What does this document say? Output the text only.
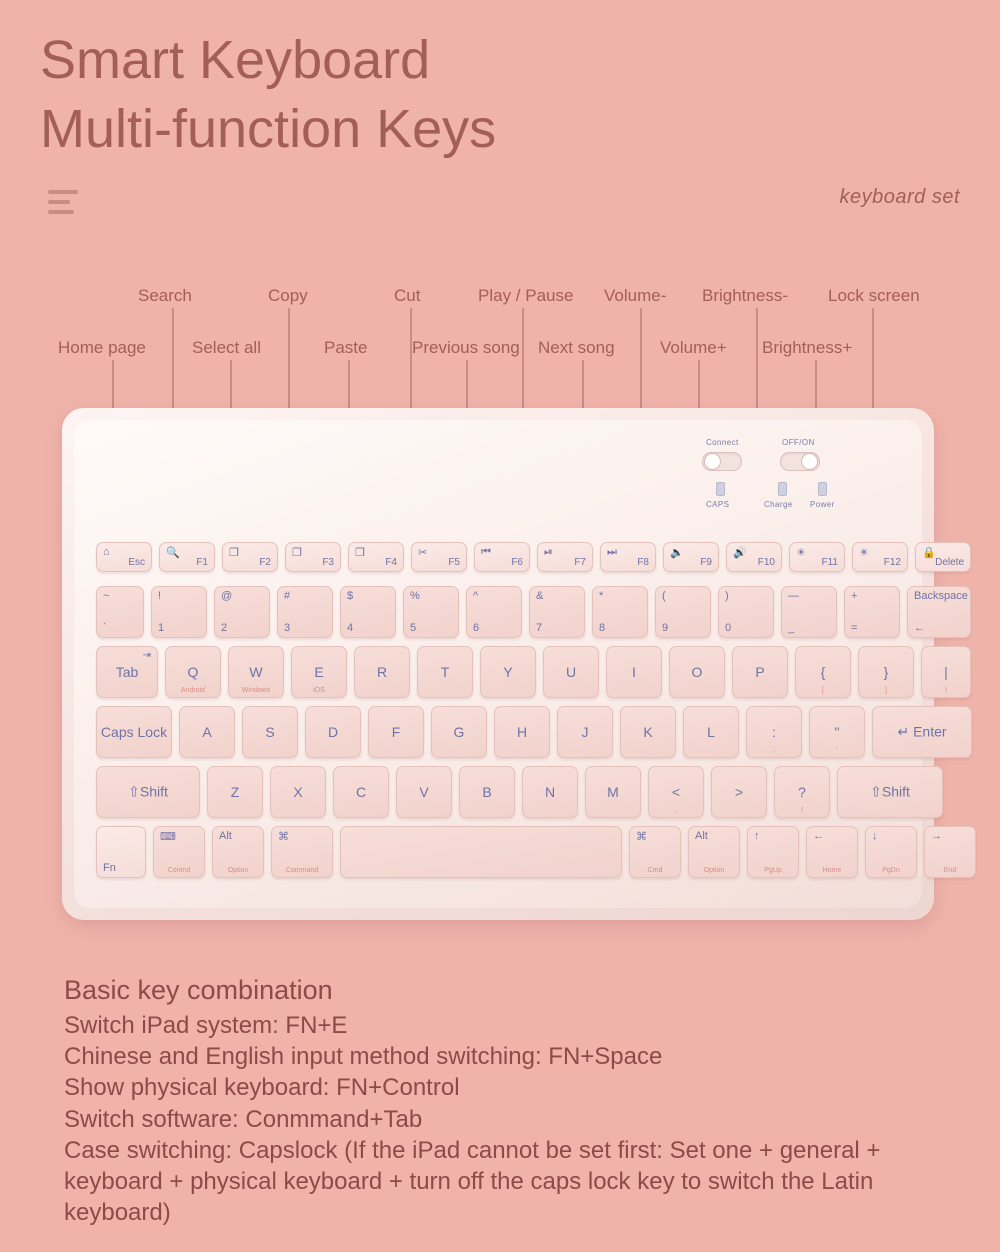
Smart Keyboard
Multi-function Keys
keyboard set
Search	Copy	Cut	Play / Pause Volume- Brightness- Lock screen
Home page	Select all	Paste	Previous song Next song	Volume+ Brightness+
Connect	OFF/ON
CAPS	Charge Power
⌂
Esc
🔍
F1
❐
F2
❐
F3
❐
F4
✂
F5
⏮
F6
⏯
F7
⏭
F8
🔈
F9
🔊
F10
☀
F11
☀
F12
🔒
Delete
~
`
!
1
@
2
#
3
$
4
%
5
^
6
&
7
*
8
(
9
)
0
—
_
+
=
Backspace
←
⇥
Tab	Q
Android
W
Windows
E
iOS
R	T	Y	U	I	O	P	{
[
}
]
|
\
Caps Lock	A	S	D	F	G	H	J	K	L	:
;
"
'
↵ Enter
⇧Shift	Z	X	C	V	B	N	M	<
,
>
.
?
/
⇧Shift
Fn
⌨
Control
Alt
Option
⌘
Command
⌘
Cmd
Alt
Option
↑
PgUp
←
Home
↓
PgDn
→
End
Basic key combination

Switch iPad system: FN+E

Chinese and English input method switching: FN+Space

Show physical keyboard: FN+Control

Switch software: Conmmand+Tab

Case switching: Capslock (If the iPad cannot be set first: Set one + general + keyboard + physical keyboard + turn off the caps lock key to switch the Latin keyboard)
